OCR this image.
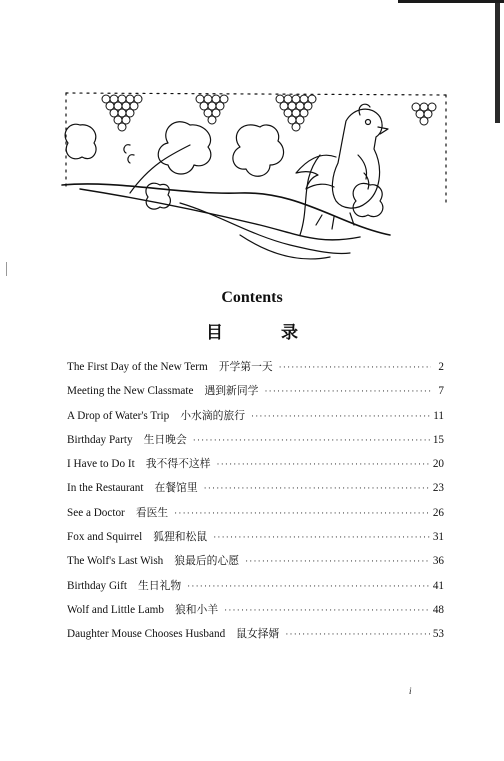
Contents
目 录
The First Day of the New Term 开学第一天 ·····	2
Meeting the New Classmate 遇到新同学 ·····	7
A Drop of Water's Trip 小水滴的旅行 ·····	11
Birthday Party 生日晚会 ·····	15
I Have to Do It 我不得不这样 ·····	20
In the Restaurant 在餐馆里 ·····	23
See a Doctor 看医生 ·····	26
Fox and Squirrel 狐狸和松鼠 ·····	31
The Wolf's Last Wish 狼最后的心愿 ·····	36
Birthday Gift 生日礼物 ·····	41
Wolf and Little Lamb 狼和小羊 ·····	48
Daughter Mouse Chooses Husband 鼠女择婿 ·····	53
i
